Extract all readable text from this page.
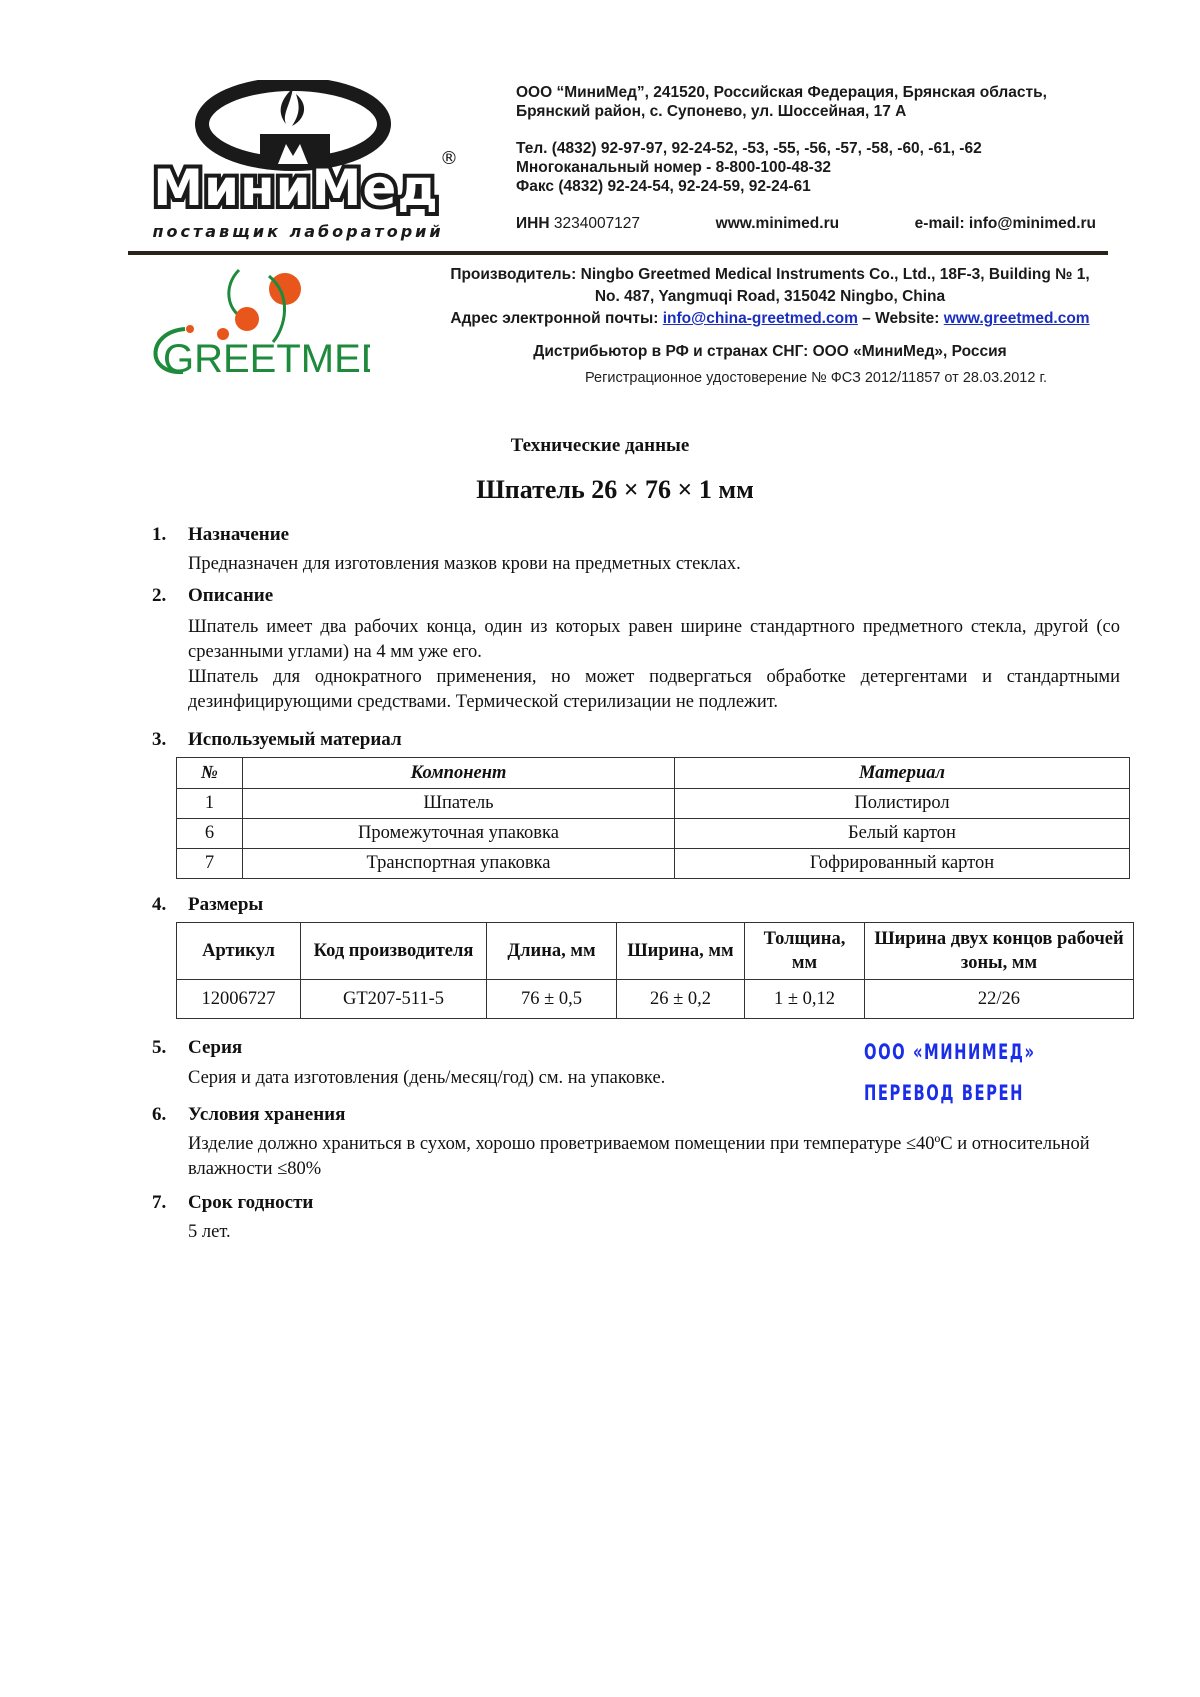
МиниМед
®
поставщик лабораторий
ООО “МиниМед”, 241520, Российская Федерация, Брянская область,
Брянский район, с. Супонево, ул. Шоссейная, 17 А
Тел. (4832) 92-97-97, 92-24-52, -53, -55, -56, -57, -58, -60, -61, -62
Многоканальный номер - 8-800-100-48-32
Факс (4832) 92-24-54, 92-24-59, 92-24-61
ИНН 3234007127	www.minimed.ru	e-mail: info@minimed.ru
GREETMED
Производитель: Ningbo Greetmed Medical Instruments Co., Ltd., 18F-3, Building № 1,
No. 487, Yangmuqi Road, 315042 Ningbo, China
Адрес электронной почты: info@china-greetmed.com – Website: www.greetmed.com
Дистрибьютор в РФ и странах СНГ: ООО «МиниМед», Россия
Регистрационное удостоверение № ФСЗ 2012/11857 от 28.03.2012 г.
Технические данные
Шпатель 26 × 76 × 1 мм
1. Назначение

Предназначен для изготовления мазков крови на предметных стеклах.

2. Описание

Шпатель имеет два рабочих конца, один из которых равен ширине стандартного предметного стекла, другой (со срезанными углами) на 4 мм уже его.

Шпатель для однократного применения, но может подвергаться обработке детергентами и стандартными дезинфицирующими средствами. Термической стерилизации не подлежит.

3. Используемый материал
№	Компонент	Материал
1	Шпатель	Полистирол
6	Промежуточная упаковка	Белый картон
7	Транспортная упаковка	Гофрированный картон
4. Размеры
Артикул	Код производителя	Длина, мм	Ширина, мм	Толщина, мм	Ширина двух концов рабочей зоны, мм
12006727	GT207-511-5	76 ± 0,5	26 ± 0,2	1 ± 0,12	22/26
5. Серия

Серия и дата изготовления (день/месяц/год) см. на упаковке.

6. Условия хранения

Изделие должно храниться в сухом, хорошо проветриваемом помещении при температуре ≤40ºС и относительной влажности ≤80%

7. Срок годности

5 лет.

ООО «МИНИМЕД»
ПЕРЕВОД ВЕРЕН
